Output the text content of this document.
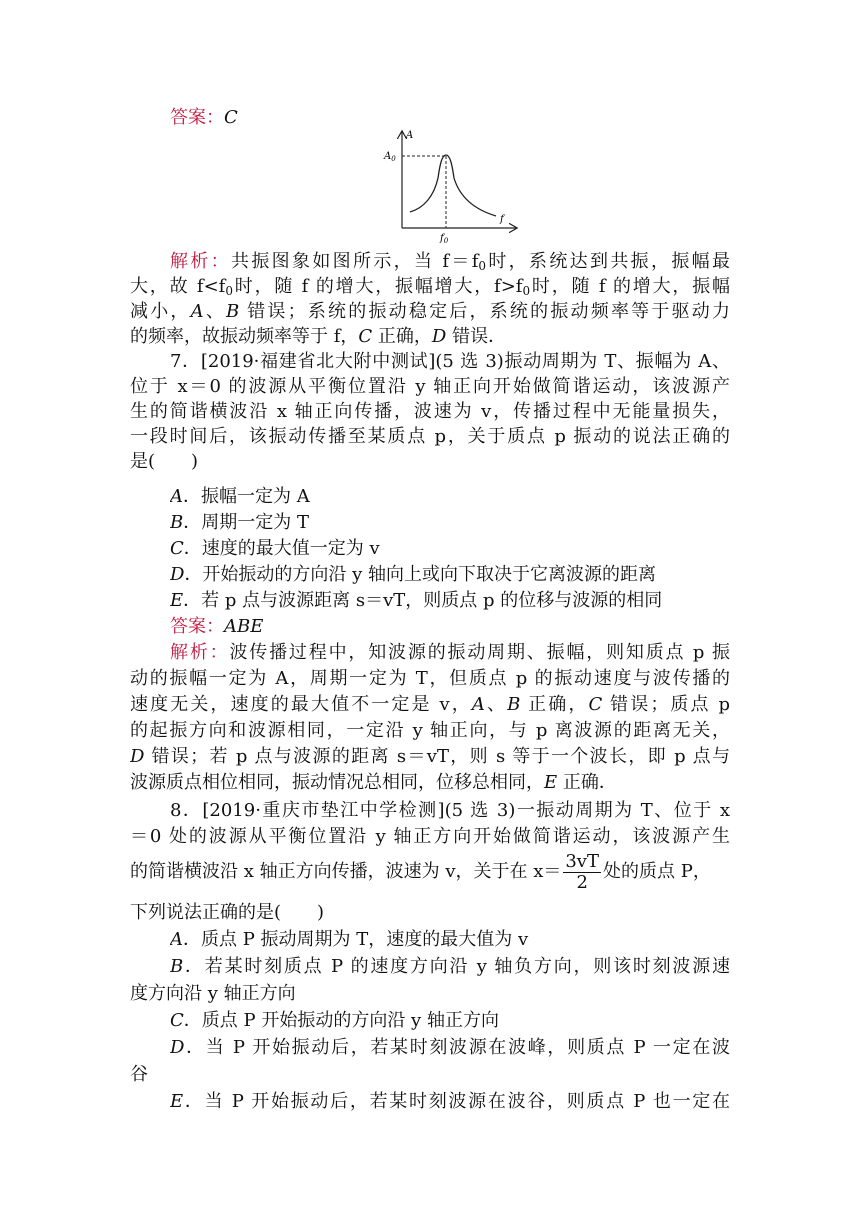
答案：C
A
$A_0$
f
$f_0$
解析：共振图象如图所示，当 $f=f_0$时，系统达到共振，振幅最
大，故 $f<f_0$时，随 f 的增大，振幅增大，$f>f_0$时，随 f 的增大，振幅
减小，A、B 错误；系统的振动稳定后，系统的振动频率等于驱动力
的频率，故振动频率等于 f，C 正确，D 错误．
7．[2019·福建省北大附中测试](5 选 3)振动周期为 T、振幅为 A、
位于 x＝0 的波源从平衡位置沿 y 轴正向开始做简谐运动，该波源产
生的简谐横波沿 x 轴正向传播，波速为 v，传播过程中无能量损失，
一段时间后，该振动传播至某质点 p，关于质点 p 振动的说法正确的
是(　　)
A．振幅一定为 A
B．周期一定为 T
C．速度的最大值一定为 v
D．开始振动的方向沿 y 轴向上或向下取决于它离波源的距离
E．若 p 点与波源距离 s＝vT，则质点 p 的位移与波源的相同
答案：ABE
解析：波传播过程中，知波源的振动周期、振幅，则知质点 p 振
动的振幅一定为 A，周期一定为 T，但质点 p 的振动速度与波传播的
速度无关，速度的最大值不一定是 v，A、B 正确，C 错误；质点 p
的起振方向和波源相同，一定沿 y 轴正向，与 p 离波源的距离无关，
D 错误；若 p 点与波源的距离 s＝vT，则 s 等于一个波长，即 p 点与
波源质点相位相同，振动情况总相同，位移总相同，E 正确．
8．[2019·重庆市垫江中学检测](5 选 3)一振动周期为 T、位于 x
＝0 处的波源从平衡位置沿 y 轴正方向开始做简谐运动，该波源产生
的简谐横波沿 x 轴正方向传播，波速为 v，关于在 $x= \frac{3vT}{2}$ 处的质点 P，
下列说法正确的是(　　)
A．质点 P 振动周期为 T，速度的最大值为 v
B．若某时刻质点 P 的速度方向沿 y 轴负方向，则该时刻波源速
度方向沿 y 轴正方向
C．质点 P 开始振动的方向沿 y 轴正方向
D．当 P 开始振动后，若某时刻波源在波峰，则质点 P 一定在波
谷
E．当 P 开始振动后，若某时刻波源在波谷，则质点 P 也一定在
